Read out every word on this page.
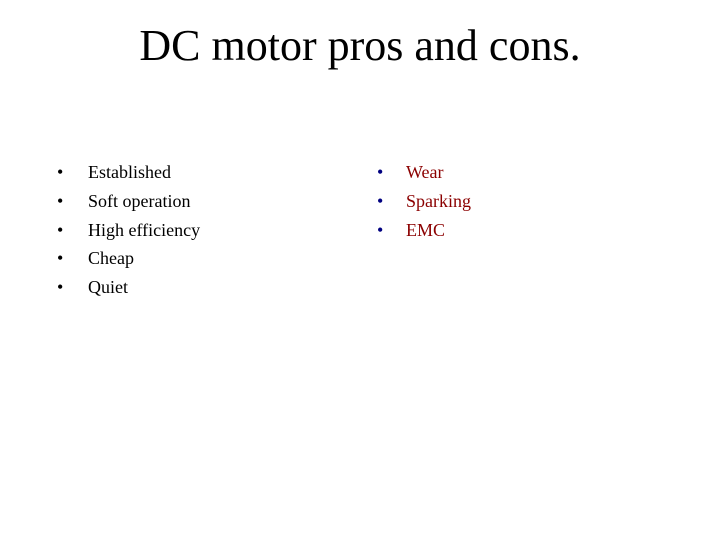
DC motor pros and cons.
• Established
• Soft operation
• High efficiency
• Cheap
• Quiet
• Wear
• Sparking
• EMC
